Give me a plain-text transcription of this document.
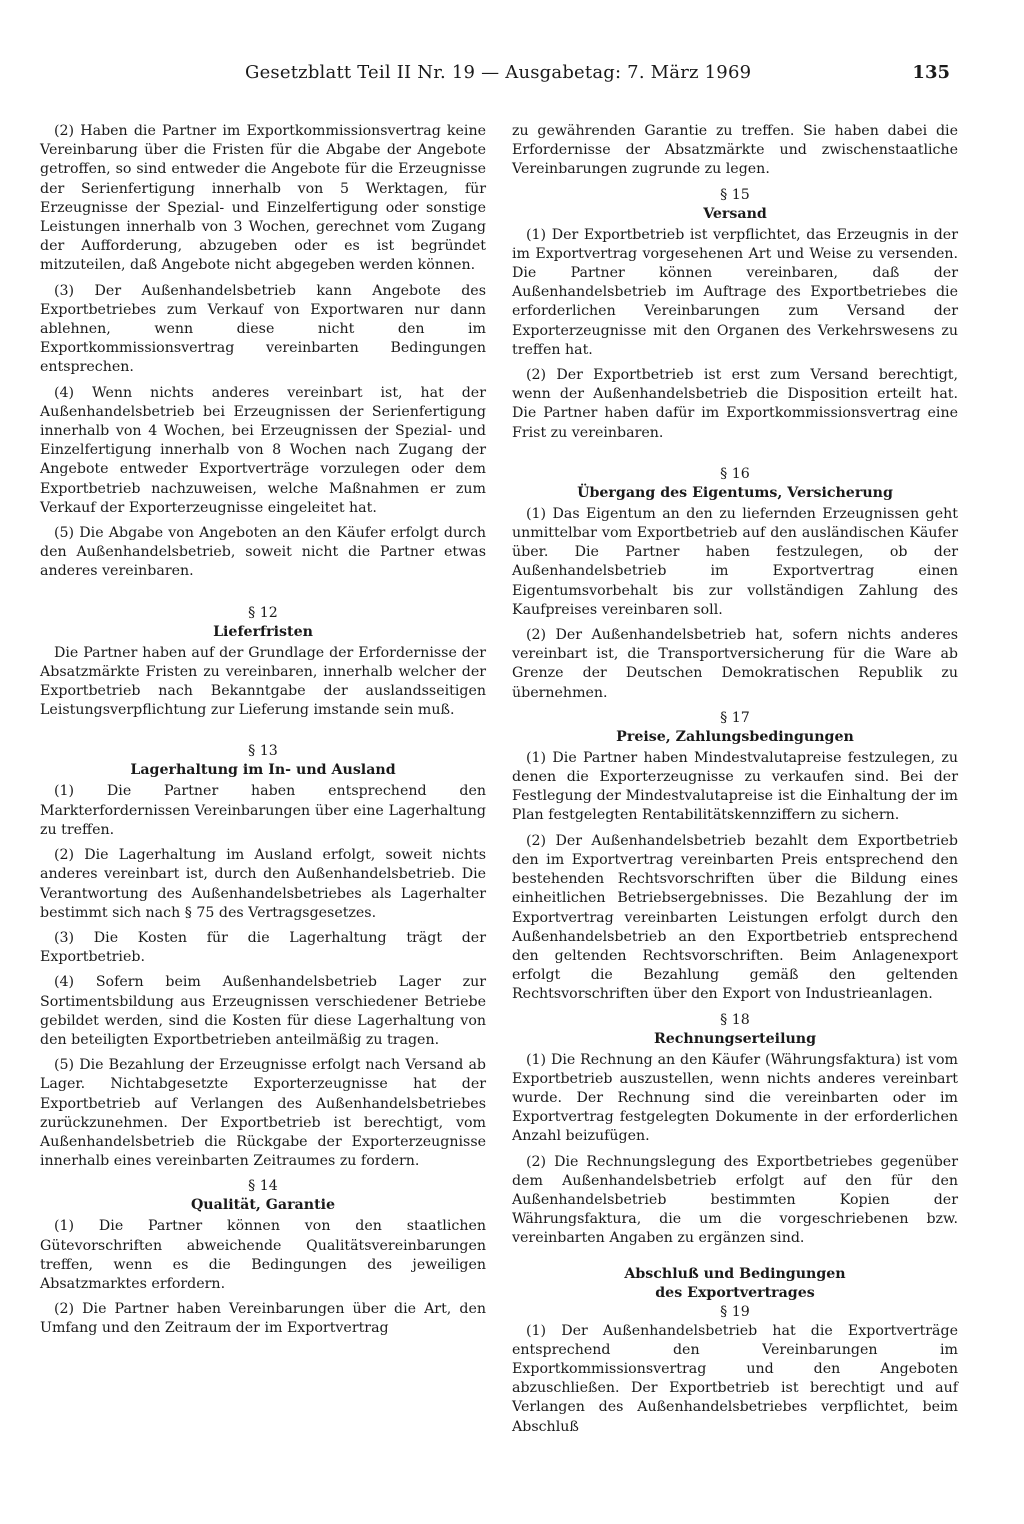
Gesetzblatt Teil II Nr. 19 — Ausgabetag: 7. März 1969	135

(2) Haben die Partner im Exportkommissionsvertrag keine Vereinbarung über die Fristen für die Abgabe der Angebote getroffen, so sind entweder die Angebote für die Erzeugnisse der Serienfertigung innerhalb von 5 Werktagen, für Erzeugnisse der Spezial- und Einzelfertigung oder sonstige Leistungen innerhalb von 3 Wochen, gerechnet vom Zugang der Aufforderung, abzugeben oder es ist begründet mitzuteilen, daß Angebote nicht abgegeben werden können.

(3) Der Außenhandelsbetrieb kann Angebote des Exportbetriebes zum Verkauf von Exportwaren nur dann ablehnen, wenn diese nicht den im Exportkommissionsvertrag vereinbarten Bedingungen entsprechen.

(4) Wenn nichts anderes vereinbart ist, hat der Außenhandelsbetrieb bei Erzeugnissen der Serienfertigung innerhalb von 4 Wochen, bei Erzeugnissen der Spezial- und Einzelfertigung innerhalb von 8 Wochen nach Zugang der Angebote entweder Exportverträge vorzulegen oder dem Exportbetrieb nachzuweisen, welche Maßnahmen er zum Verkauf der Exporterzeugnisse eingeleitet hat.

(5) Die Abgabe von Angeboten an den Käufer erfolgt durch den Außenhandelsbetrieb, soweit nicht die Partner etwas anderes vereinbaren.

§ 12
Lieferfristen

Die Partner haben auf der Grundlage der Erfordernisse der Absatzmärkte Fristen zu vereinbaren, innerhalb welcher der Exportbetrieb nach Bekanntgabe der auslandsseitigen Leistungsverpflichtung zur Lieferung imstande sein muß.

§ 13
Lagerhaltung im In- und Ausland

(1) Die Partner haben entsprechend den Markterfordernissen Vereinbarungen über eine Lagerhaltung zu treffen.

(2) Die Lagerhaltung im Ausland erfolgt, soweit nichts anderes vereinbart ist, durch den Außenhandelsbetrieb. Die Verantwortung des Außenhandelsbetriebes als Lagerhalter bestimmt sich nach § 75 des Vertragsgesetzes.

(3) Die Kosten für die Lagerhaltung trägt der Exportbetrieb.

(4) Sofern beim Außenhandelsbetrieb Lager zur Sortimentsbildung aus Erzeugnissen verschiedener Betriebe gebildet werden, sind die Kosten für diese Lagerhaltung von den beteiligten Exportbetrieben anteilmäßig zu tragen.

(5) Die Bezahlung der Erzeugnisse erfolgt nach Versand ab Lager. Nichtabgesetzte Exporterzeugnisse hat der Exportbetrieb auf Verlangen des Außenhandelsbetriebes zurückzunehmen. Der Exportbetrieb ist berechtigt, vom Außenhandelsbetrieb die Rückgabe der Exporterzeugnisse innerhalb eines vereinbarten Zeitraumes zu fordern.

§ 14
Qualität, Garantie

(1) Die Partner können von den staatlichen Gütevorschriften abweichende Qualitätsvereinbarungen treffen, wenn es die Bedingungen des jeweiligen Absatzmarktes erfordern.

(2) Die Partner haben Vereinbarungen über die Art, den Umfang und den Zeitraum der im Exportvertrag

zu gewährenden Garantie zu treffen. Sie haben dabei die Erfordernisse der Absatzmärkte und zwischenstaatliche Vereinbarungen zugrunde zu legen.

§ 15
Versand

(1) Der Exportbetrieb ist verpflichtet, das Erzeugnis in der im Exportvertrag vorgesehenen Art und Weise zu versenden. Die Partner können vereinbaren, daß der Außenhandelsbetrieb im Auftrage des Exportbetriebes die erforderlichen Vereinbarungen zum Versand der Exporterzeugnisse mit den Organen des Verkehrswesens zu treffen hat.

(2) Der Exportbetrieb ist erst zum Versand berechtigt, wenn der Außenhandelsbetrieb die Disposition erteilt hat. Die Partner haben dafür im Exportkommissionsvertrag eine Frist zu vereinbaren.

§ 16
Übergang des Eigentums, Versicherung

(1) Das Eigentum an den zu liefernden Erzeugnissen geht unmittelbar vom Exportbetrieb auf den ausländischen Käufer über. Die Partner haben festzulegen, ob der Außenhandelsbetrieb im Exportvertrag einen Eigentumsvorbehalt bis zur vollständigen Zahlung des Kaufpreises vereinbaren soll.

(2) Der Außenhandelsbetrieb hat, sofern nichts anderes vereinbart ist, die Transportversicherung für die Ware ab Grenze der Deutschen Demokratischen Republik zu übernehmen.

§ 17
Preise, Zahlungsbedingungen

(1) Die Partner haben Mindestvalutapreise festzulegen, zu denen die Exporterzeugnisse zu verkaufen sind. Bei der Festlegung der Mindestvalutapreise ist die Einhaltung der im Plan festgelegten Rentabilitätskennziffern zu sichern.

(2) Der Außenhandelsbetrieb bezahlt dem Exportbetrieb den im Exportvertrag vereinbarten Preis entsprechend den bestehenden Rechtsvorschriften über die Bildung eines einheitlichen Betriebsergebnisses. Die Bezahlung der im Exportvertrag vereinbarten Leistungen erfolgt durch den Außenhandelsbetrieb an den Exportbetrieb entsprechend den geltenden Rechtsvorschriften. Beim Anlagenexport erfolgt die Bezahlung gemäß den geltenden Rechtsvorschriften über den Export von Industrieanlagen.

§ 18
Rechnungserteilung

(1) Die Rechnung an den Käufer (Währungsfaktura) ist vom Exportbetrieb auszustellen, wenn nichts anderes vereinbart wurde. Der Rechnung sind die vereinbarten oder im Exportvertrag festgelegten Dokumente in der erforderlichen Anzahl beizufügen.

(2) Die Rechnungslegung des Exportbetriebes gegenüber dem Außenhandelsbetrieb erfolgt auf den für den Außenhandelsbetrieb bestimmten Kopien der Währungsfaktura, die um die vorgeschriebenen bzw. vereinbarten Angaben zu ergänzen sind.

Abschluß und Bedingungen
des Exportvertrages
§ 19

(1) Der Außenhandelsbetrieb hat die Exportverträge entsprechend den Vereinbarungen im Exportkommissionsvertrag und den Angeboten abzuschließen. Der Exportbetrieb ist berechtigt und auf Verlangen des Außenhandelsbetriebes verpflichtet, beim Abschluß
